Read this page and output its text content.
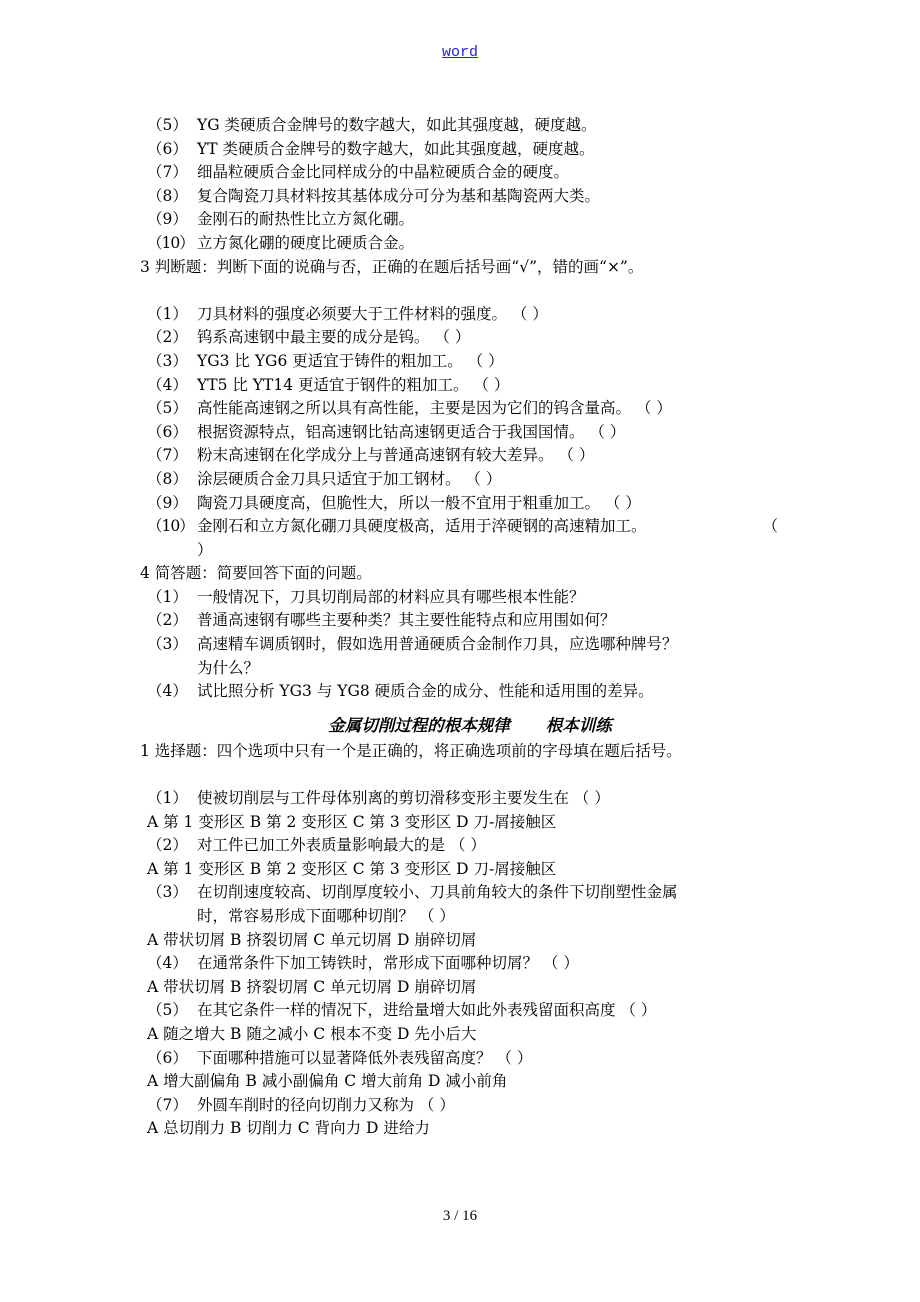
word
（5） YG 类硬质合金牌号的数字越大，如此其强度越，硬度越。
（6） YT 类硬质合金牌号的数字越大，如此其强度越，硬度越。
（7） 细晶粒硬质合金比同样成分的中晶粒硬质合金的硬度。
（8） 复合陶瓷刀具材料按其基体成分可分为基和基陶瓷两大类。
（9） 金刚石的耐热性比立方氮化硼。
（10） 立方氮化硼的硬度比硬质合金。
3 判断题：判断下面的说确与否，正确的在题后括号画“√”，错的画“×”。
（1） 刀具材料的强度必须要大于工件材料的强度。 （ ）
（2） 钨系高速钢中最主要的成分是钨。 （ ）
（3） YG3 比 YG6 更适宜于铸件的粗加工。 （ ）
（4） YT5 比 YT14 更适宜于钢件的粗加工。 （ ）
（5） 高性能高速钢之所以具有高性能，主要是因为它们的钨含量高。 （ ）
（6） 根据资源特点，铝高速钢比钴高速钢更适合于我国国情。 （ ）
（7） 粉末高速钢在化学成分上与普通高速钢有较大差异。 （ ）
（8） 涂层硬质合金刀具只适宜于加工钢材。 （ ）
（9） 陶瓷刀具硬度高，但脆性大，所以一般不宜用于粗重加工。 （ ）
（10） 金刚石和立方氮化硼刀具硬度极高，适用于淬硬钢的高速精加工。	（
）
4 简答题：简要回答下面的问题。
（1） 一般情况下，刀具切削局部的材料应具有哪些根本性能？
（2） 普通高速钢有哪些主要种类？其主要性能特点和应用围如何？
（3） 高速精车调质钢时，假如选用普通硬质合金制作刀具，应选哪种牌号？
为什么？
（4） 试比照分析 YG3 与 YG8 硬质合金的成分、性能和适用围的差异。
金属切削过程的根本规律 根本训练
1 选择题：四个选项中只有一个是正确的，将正确选项前的字母填在题后括号。
（1） 使被切削层与工件母体别离的剪切滑移变形主要发生在 （ ）
A 第 1 变形区 B 第 2 变形区 C 第 3 变形区 D 刀-屑接触区
（2） 对工件已加工外表质量影响最大的是 （ ）
A 第 1 变形区 B 第 2 变形区 C 第 3 变形区 D 刀-屑接触区
（3） 在切削速度较高、切削厚度较小、刀具前角较大的条件下切削塑性金属
时，常容易形成下面哪种切削？ （ ）
A 带状切屑 B 挤裂切屑 C 单元切屑 D 崩碎切屑
（4） 在通常条件下加工铸铁时，常形成下面哪种切屑？ （ ）
A 带状切屑 B 挤裂切屑 C 单元切屑 D 崩碎切屑
（5） 在其它条件一样的情况下，进给量增大如此外表残留面积高度 （ ）
A 随之增大 B 随之减小 C 根本不变 D 先小后大
（6） 下面哪种措施可以显著降低外表残留高度？ （ ）
A 增大副偏角 B 减小副偏角 C 增大前角 D 减小前角
（7） 外圆车削时的径向切削力又称为 （ ）
A 总切削力 B 切削力 C 背向力 D 进给力
3 / 16
